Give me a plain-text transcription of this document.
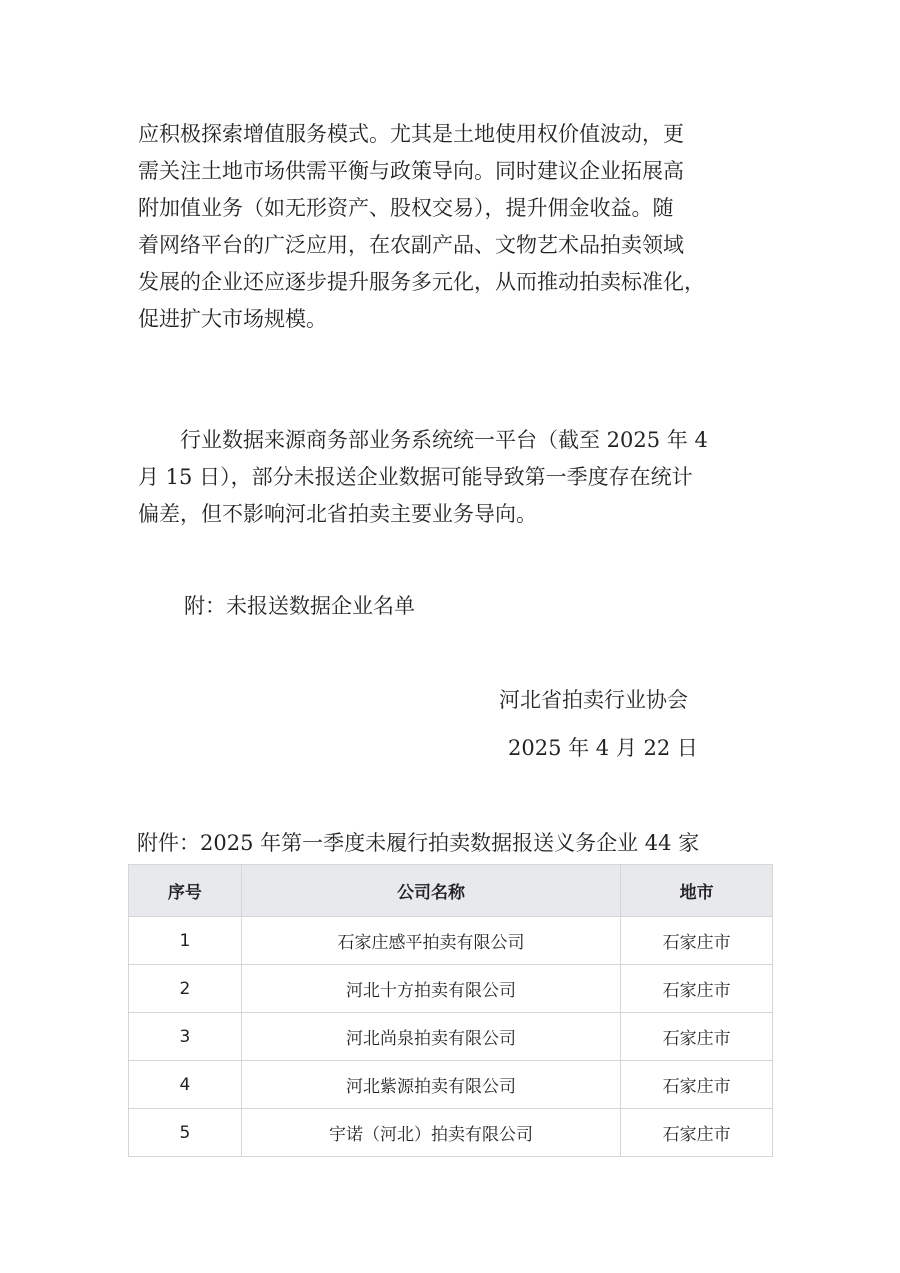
应积极探索增值服务模式。尤其是土地使用权价值波动，更
需关注土地市场供需平衡与政策导向。同时建议企业拓展高
附加值业务（如无形资产、股权交易），提升佣金收益。随
着网络平台的广泛应用，在农副产品、文物艺术品拍卖领域
发展的企业还应逐步提升服务多元化，从而推动拍卖标准化，
促进扩大市场规模。
　　行业数据来源商务部业务系统统一平台（截至 2025 年 4
月 15 日），部分未报送企业数据可能导致第一季度存在统计
偏差，但不影响河北省拍卖主要业务导向。
附：未报送数据企业名单
河北省拍卖行业协会
2025 年 4 月 22 日
附件：2025 年第一季度未履行拍卖数据报送义务企业 44 家
序号	公司名称	地市
1	石家庄感平拍卖有限公司	石家庄市
2	河北十方拍卖有限公司	石家庄市
3	河北尚泉拍卖有限公司	石家庄市
4	河北紫源拍卖有限公司	石家庄市
5	宇诺（河北）拍卖有限公司	石家庄市
